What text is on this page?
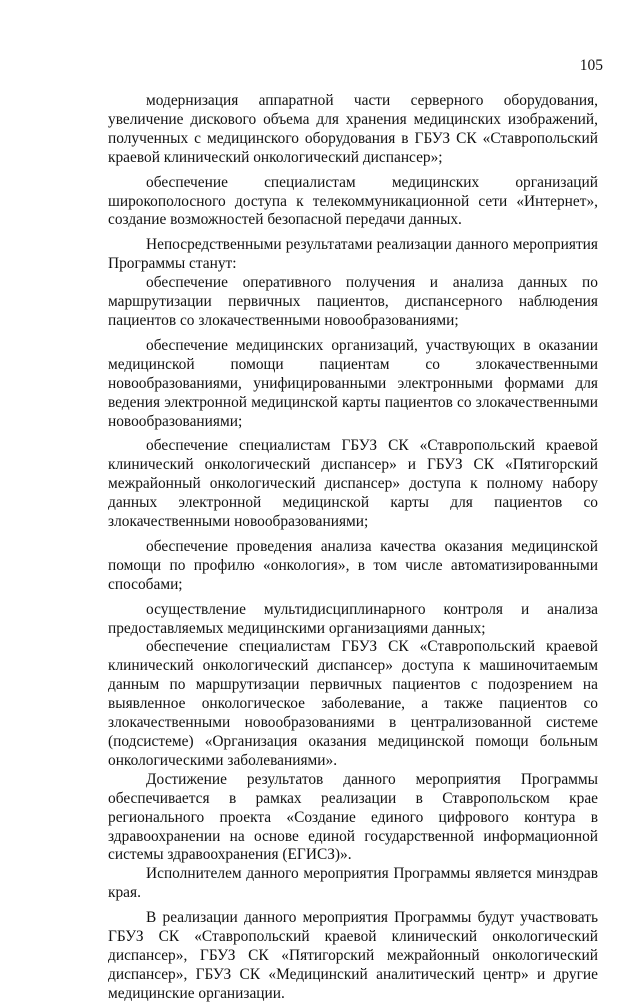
105

модернизация аппаратной части серверного оборудования, увеличение дискового объема для хранения медицинских изображений, полученных с медицинского оборудования в ГБУЗ СК «Ставропольский краевой клинический онкологический диспансер»;

обеспечение специалистам медицинских организаций широкополосного доступа к телекоммуникационной сети «Интернет», создание возможностей безопасной передачи данных.

Непосредственными результатами реализации данного мероприятия Программы станут:

обеспечение оперативного получения и анализа данных по маршрутизации первичных пациентов, диспансерного наблюдения пациентов со злокачественными новообразованиями;

обеспечение медицинских организаций, участвующих в оказании медицинской помощи пациентам со злокачественными новообразованиями, унифицированными электронными формами для ведения электронной медицинской карты пациентов со злокачественными новообразованиями;

обеспечение специалистам ГБУЗ СК «Ставропольский краевой клинический онкологический диспансер» и ГБУЗ СК «Пятигорский межрайонный онкологический диспансер» доступа к полному набору данных электронной медицинской карты для пациентов со злокачественными новообразованиями;

обеспечение проведения анализа качества оказания медицинской помощи по профилю «онкология», в том числе автоматизированными способами;

осуществление мультидисциплинарного контроля и анализа предоставляемых медицинскими организациями данных;

обеспечение специалистам ГБУЗ СК «Ставропольский краевой клинический онкологический диспансер» доступа к машиночитаемым данным по маршрутизации первичных пациентов с подозрением на выявленное онкологическое заболевание, а также пациентов со злокачественными новообразованиями в централизованной системе (подсистеме) «Организация оказания медицинской помощи больным онкологическими заболеваниями».

Достижение результатов данного мероприятия Программы обеспечивается в рамках реализации в Ставропольском крае регионального проекта «Создание единого цифрового контура в здравоохранении на основе единой государственной информационной системы здравоохранения (ЕГИСЗ)».

Исполнителем данного мероприятия Программы является минздрав края.

В реализации данного мероприятия Программы будут участвовать ГБУЗ СК «Ставропольский краевой клинический онкологический диспансер», ГБУЗ СК «Пятигорский межрайонный онкологический диспансер», ГБУЗ СК «Медицинский аналитический центр» и другие медицинские организации.
